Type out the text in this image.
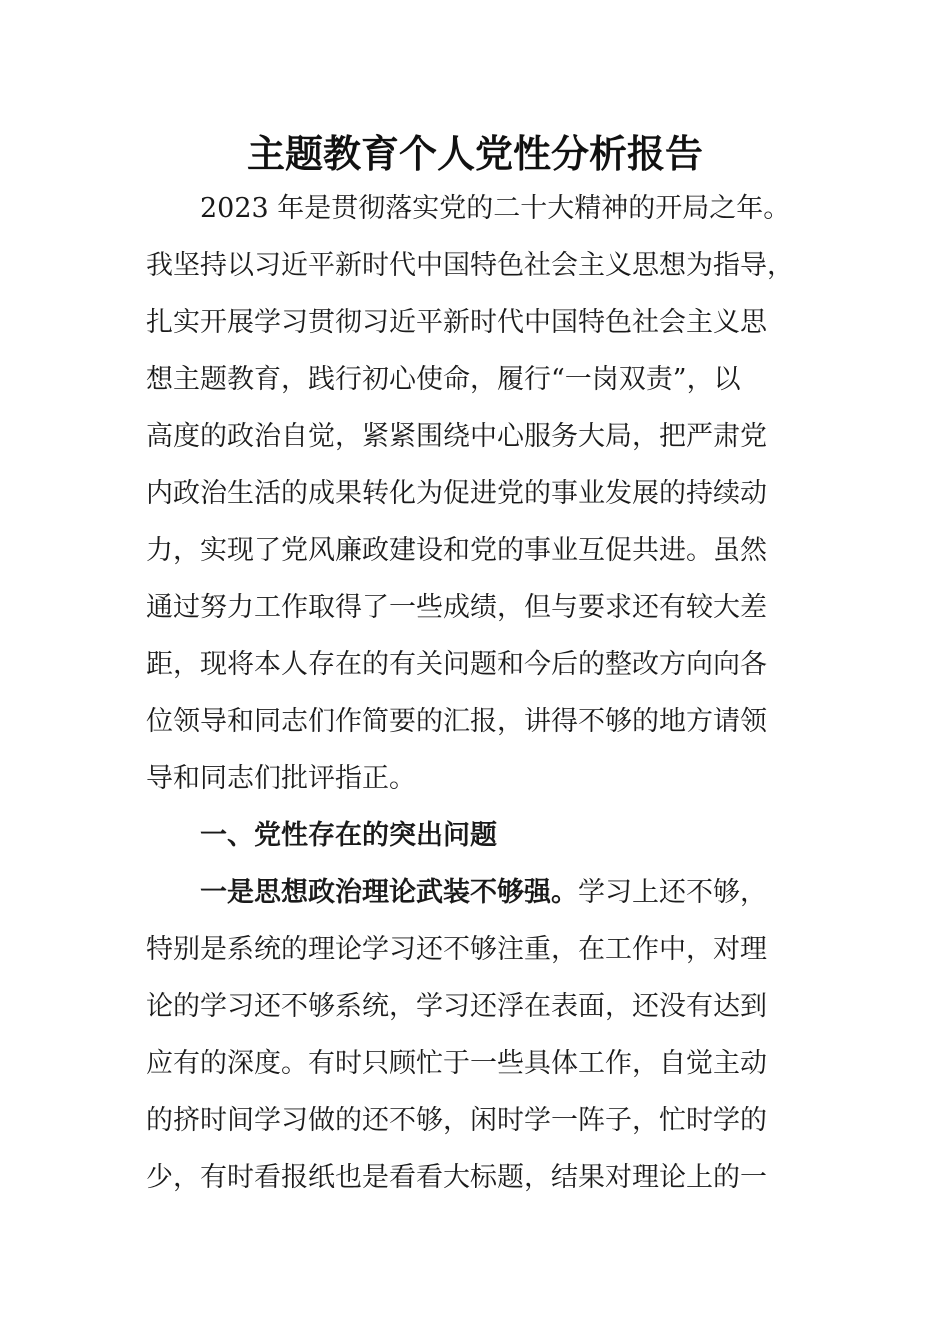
主题教育个人党性分析报告
2023 年是贯彻落实党的二十大精神的开局之年。
我坚持以习近平新时代中国特色社会主义思想为指导，
扎实开展学习贯彻习近平新时代中国特色社会主义思
想主题教育，践行初心使命，履行“一岗双责”，以
高度的政治自觉，紧紧围绕中心服务大局，把严肃党
内政治生活的成果转化为促进党的事业发展的持续动
力，实现了党风廉政建设和党的事业互促共进。虽然
通过努力工作取得了一些成绩，但与要求还有较大差
距，现将本人存在的有关问题和今后的整改方向向各
位领导和同志们作简要的汇报，讲得不够的地方请领
导和同志们批评指正。
一、党性存在的突出问题
一是思想政治理论武装不够强。学习上还不够，
特别是系统的理论学习还不够注重，在工作中，对理
论的学习还不够系统，学习还浮在表面，还没有达到
应有的深度。有时只顾忙于一些具体工作，自觉主动
的挤时间学习做的还不够，闲时学一阵子，忙时学的
少，有时看报纸也是看看大标题，结果对理论上的一
